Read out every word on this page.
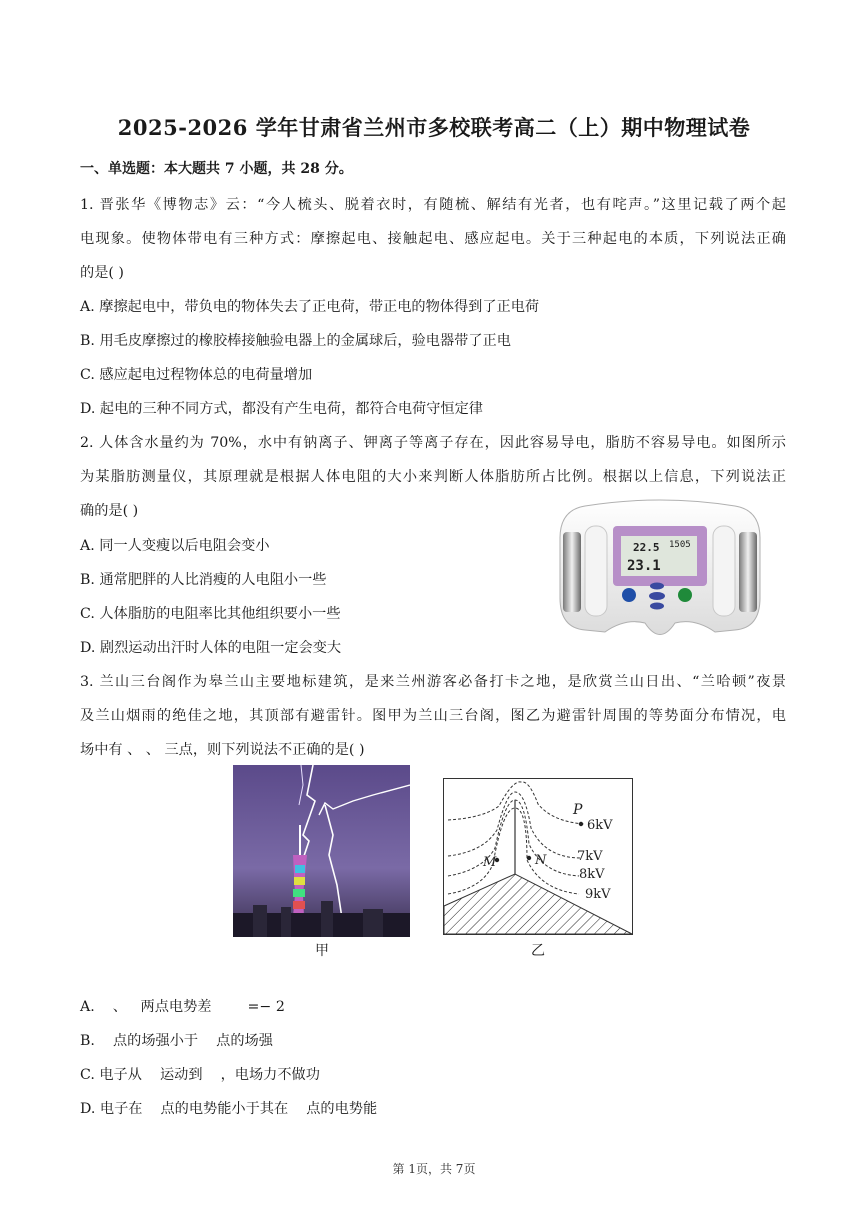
2025-2026 学年甘肃省兰州市多校联考高二（上）期中物理试卷
一、单选题：本大题共 7 小题，共 28 分。
1. 晋张华《博物志》云：“今人梳头、脱着衣时，有随梳、解结有光者，也有咤声。”这里记载了两个起
电现象。使物体带电有三种方式：摩擦起电、接触起电、感应起电。关于三种起电的本质，下列说法正确
的是( )
A. 摩擦起电中，带负电的物体失去了正电荷，带正电的物体得到了正电荷
B. 用毛皮摩擦过的橡胶棒接触验电器上的金属球后，验电器带了正电
C. 感应起电过程物体总的电荷量增加
D. 起电的三种不同方式，都没有产生电荷，都符合电荷守恒定律
2. 人体含水量约为 70%，水中有钠离子、钾离子等离子存在，因此容易导电，脂肪不容易导电。如图所示
为某脂肪测量仪，其原理就是根据人体电阻的大小来判断人体脂肪所占比例。根据以上信息，下列说法正
确的是( )
A. 同一人变瘦以后电阻会变小
B. 通常肥胖的人比消瘦的人电阻小一些
C. 人体脂肪的电阻率比其他组织要小一些
D. 剧烈运动出汗时人体的电阻一定会变大
22.5 1505
23.1
3. 兰山三台阁作为皋兰山主要地标建筑，是来兰州游客必备打卡之地，是欣赏兰山日出、“兰哈顿”夜景
及兰山烟雨的绝佳之地，其顶部有避雷针。图甲为兰山三台阁，图乙为避雷针周围的等势面分布情况，电
场中有 、 、 三点，则下列说法不正确的是( )
甲
P
6kV
M	N 7kV
8kV
9kV
乙
A.    、   两点电势差        =− 2
B.    点的场强小于    点的场强
C. 电子从    运动到    ，电场力不做功
D. 电子在    点的电势能小于其在    点的电势能
第 1页，共 7页
